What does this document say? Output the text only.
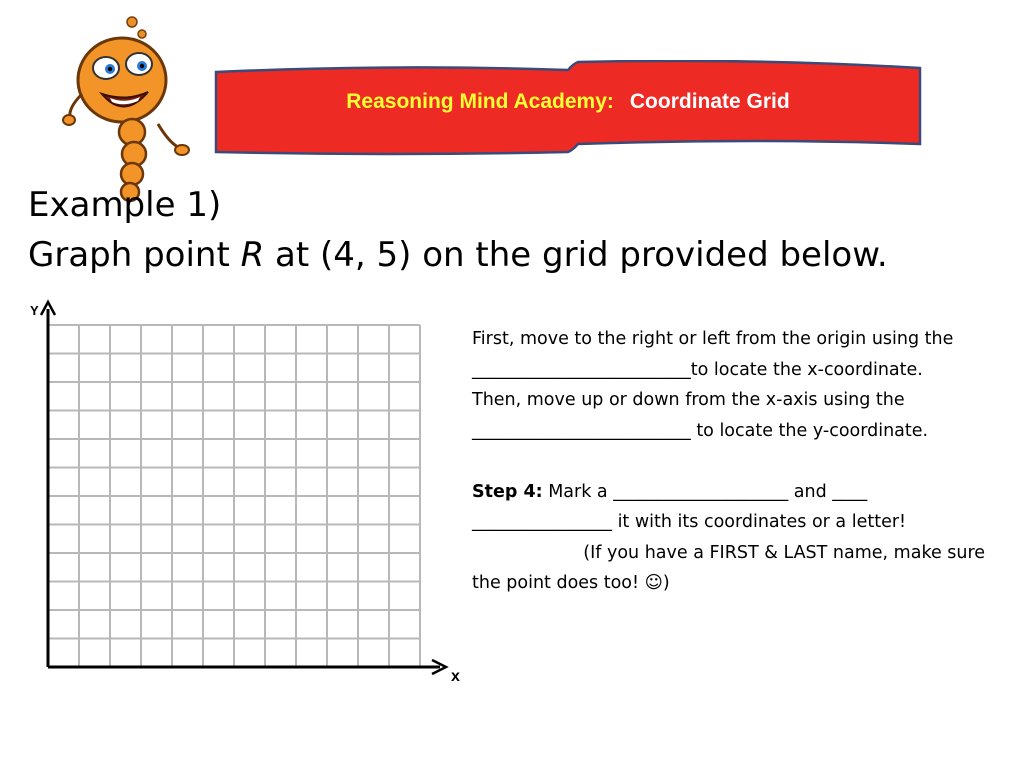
Reasoning Mind Academy: Coordinate Grid

Example 1)

Graph point R at (4, 5) on the grid provided below.

Y
x

First, move to the right or left from the origin using the _________________________to locate the x-coordinate.

Then, move up or down from the x-axis using the _________________________ to locate the y-coordinate.

Step 4: Mark a ____________________ and ____ ________________ it with its coordinates or a letter!                    (If you have a FIRST & LAST name, make sure the point does too! ☺)
